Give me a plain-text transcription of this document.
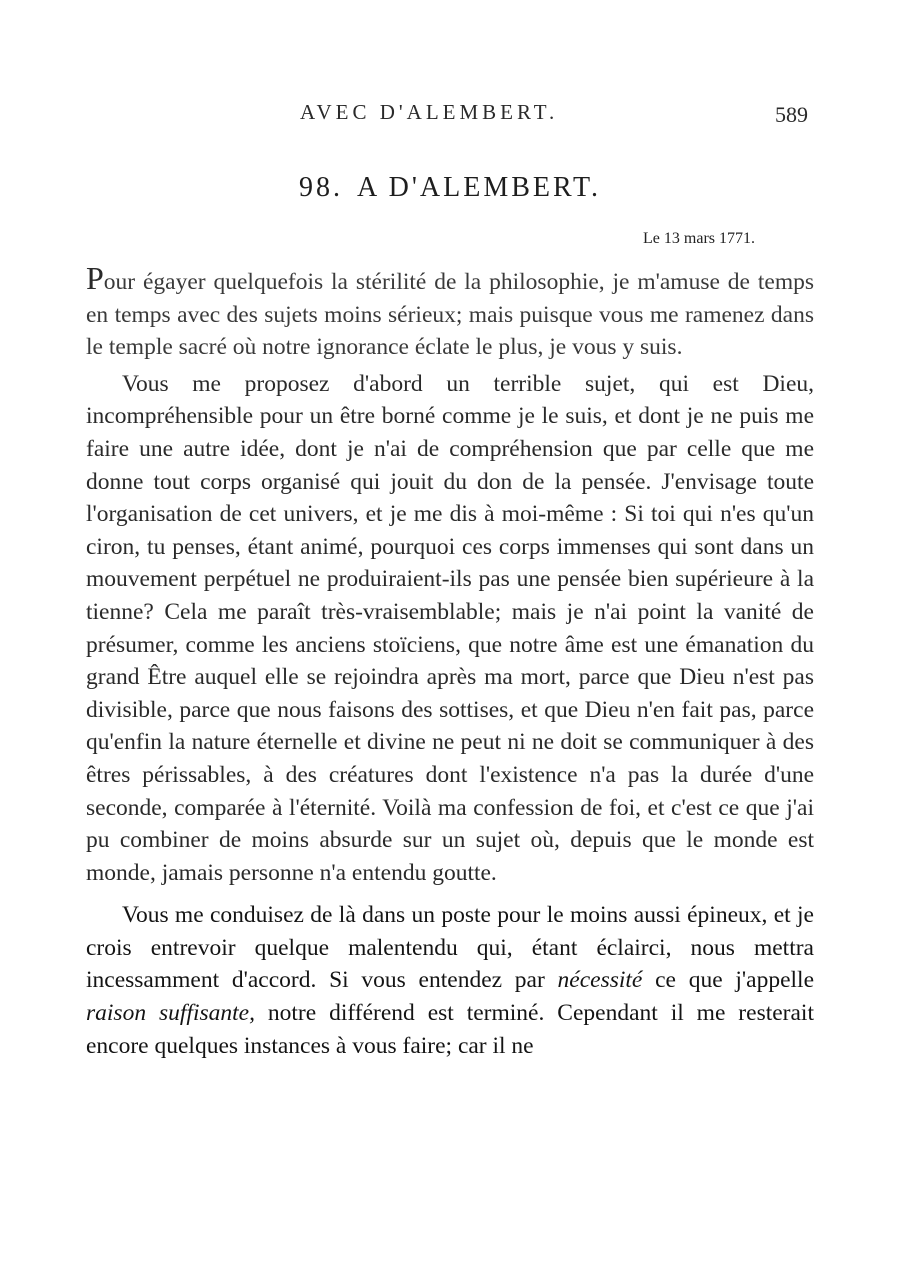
AVEC D'ALEMBERT.	589
98. A D'ALEMBERT.
Le 13 mars 1771.

Pour égayer quelquefois la stérilité de la philosophie, je m'amuse de temps en temps avec des sujets moins sérieux; mais puisque vous me ramenez dans le temple sacré où notre ignorance éclate le plus, je vous y suis.

Vous me proposez d'abord un terrible sujet, qui est Dieu, incompréhensible pour un être borné comme je le suis, et dont je ne puis me faire une autre idée, dont je n'ai de compréhension que par celle que me donne tout corps organisé qui jouit du don de la pensée. J'envisage toute l'organisation de cet univers, et je me dis à moi-même : Si toi qui n'es qu'un ciron, tu penses, étant animé, pourquoi ces corps immenses qui sont dans un mouvement perpétuel ne produiraient-ils pas une pensée bien supérieure à la tienne? Cela me paraît très-vraisemblable; mais je n'ai point la vanité de présumer, comme les anciens stoïciens, que notre âme est une émanation du grand Être auquel elle se rejoindra après ma mort, parce que Dieu n'est pas divisible, parce que nous faisons des sottises, et que Dieu n'en fait pas, parce qu'enfin la nature éternelle et divine ne peut ni ne doit se communiquer à des êtres périssables, à des créatures dont l'existence n'a pas la durée d'une seconde, comparée à l'éternité. Voilà ma confession de foi, et c'est ce que j'ai pu combiner de moins absurde sur un sujet où, depuis que le monde est monde, jamais personne n'a entendu goutte.

Vous me conduisez de là dans un poste pour le moins aussi épineux, et je crois entrevoir quelque malentendu qui, étant éclairci, nous mettra incessamment d'accord. Si vous entendez par nécessité ce que j'appelle raison suffisante, notre différend est terminé. Cependant il me resterait encore quelques instances à vous faire; car il ne
